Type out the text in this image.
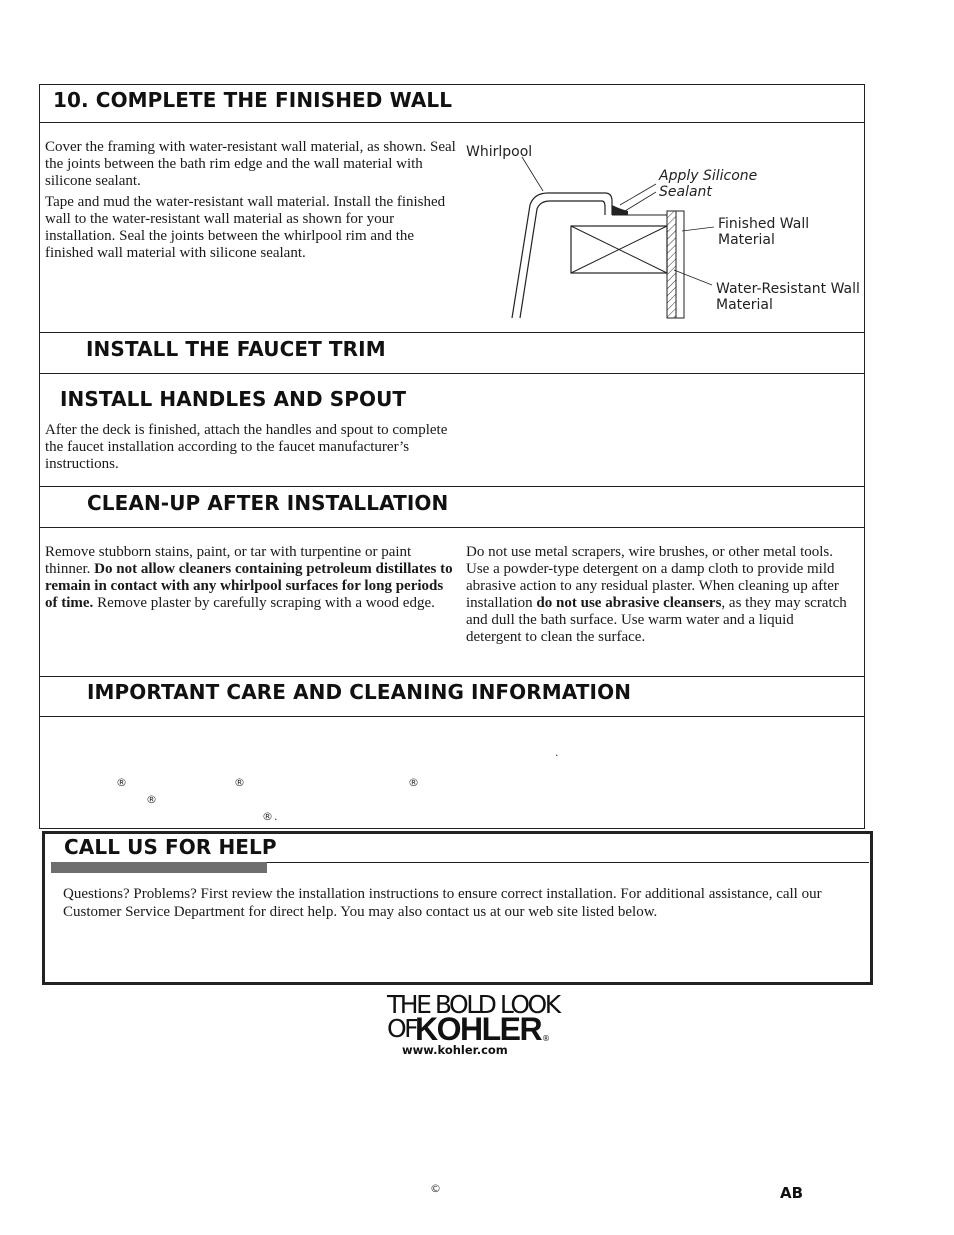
10. COMPLETE THE FINISHED WALL

Cover the framing with water-resistant wall material, as shown. Seal the joints between the bath rim edge and the wall material with silicone sealant.

Tape and mud the water-resistant wall material. Install the finished wall to the water-resistant wall material as shown for your installation. Seal the joints between the whirlpool rim and the finished wall material with silicone sealant.

Whirlpool
Apply Silicone
Sealant
Finished Wall
Material
Water-Resistant Wall
Material
INSTALL THE FAUCET TRIM
INSTALL HANDLES AND SPOUT
After the deck is finished, attach the handles and spout to complete the faucet installation according to the faucet manufacturer’s instructions.
CLEAN-UP AFTER INSTALLATION
Remove stubborn stains, paint, or tar with turpentine or paint thinner. Do not allow cleaners containing petroleum distillates to remain in contact with any whirlpool surfaces for long periods of time. Remove plaster by carefully scraping with a wood edge.
Do not use metal scrapers, wire brushes, or other metal tools. Use a powder-type detergent on a damp cloth to provide mild abrasive action to any residual plaster. When cleaning up after installation do not use abrasive cleansers, as they may scratch and dull the bath surface. Use warm water and a liquid detergent to clean the surface.
IMPORTANT CARE AND CLEANING INFORMATION
.
®	®	®
®
® .
CALL US FOR HELP
Questions? Problems? First review the installation instructions to ensure correct installation. For additional assistance, call our Customer Service Department for direct help. You may also contact us at our web site listed below.
THE BOLD LOOK
OF
KOHLER ®
www.kohler.com
©	AB
